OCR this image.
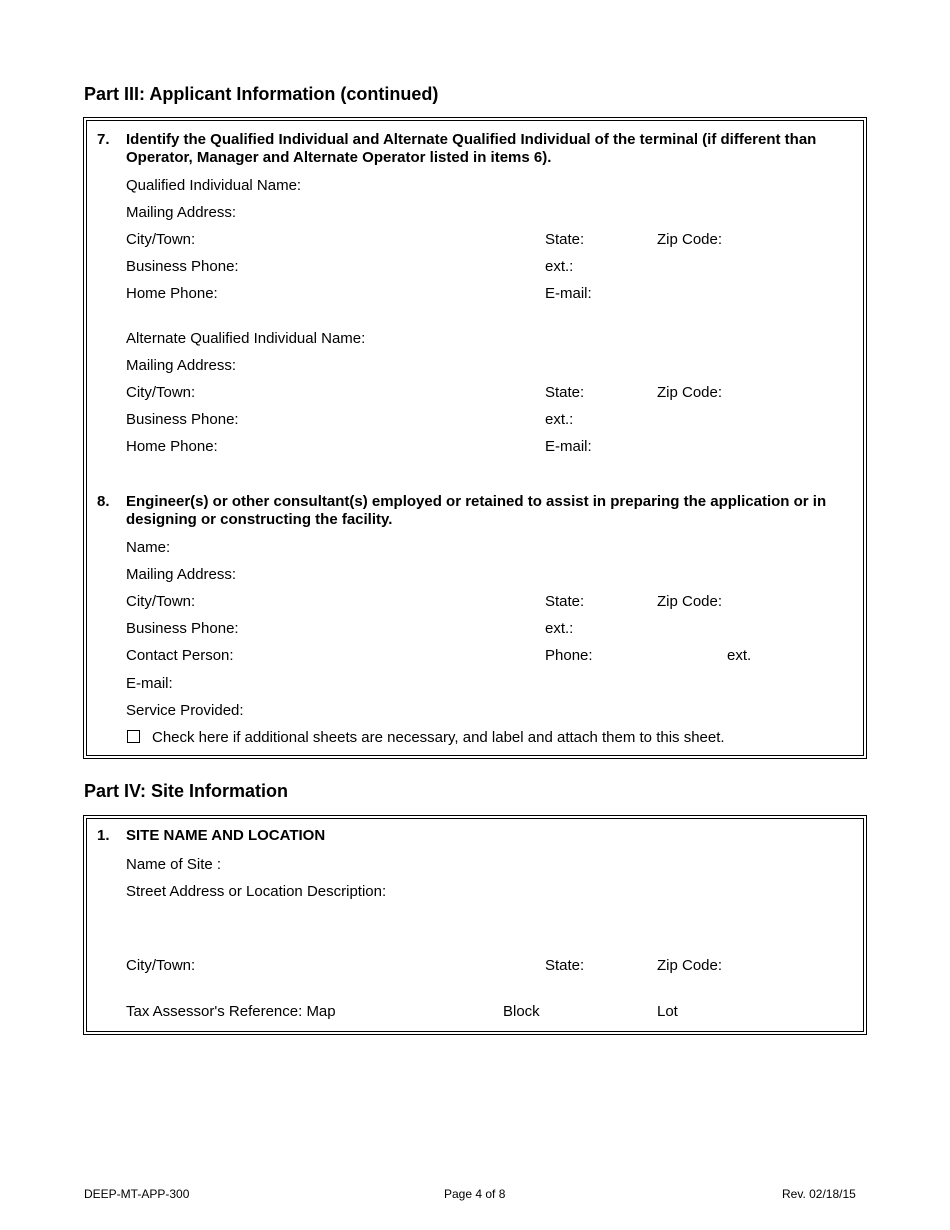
Part III: Applicant Information (continued)
7. Identify the Qualified Individual and Alternate Qualified Individual of the terminal (if different than Operator, Manager and Alternate Operator listed in items 6).
Qualified Individual Name:
Mailing Address:
City/Town:	State:	Zip Code:
Business Phone:	ext.:
Home Phone:	E-mail:
Alternate Qualified Individual Name:
Mailing Address:
City/Town:	State:	Zip Code:
Business Phone:	ext.:
Home Phone:	E-mail:
8. Engineer(s) or other consultant(s) employed or retained to assist in preparing the application or in designing or constructing the facility.
Name:
Mailing Address:
City/Town:	State:	Zip Code:
Business Phone:	ext.:
Contact Person:	Phone:	ext.
E-mail:
Service Provided:
Check here if additional sheets are necessary, and label and attach them to this sheet.
Part IV: Site Information
1. SITE NAME AND LOCATION
Name of Site :
Street Address or Location Description:
City/Town:	State:	Zip Code:
Tax Assessor's Reference: Map	Block	Lot
DEEP-MT-APP-300	Page 4 of 8	Rev. 02/18/15
